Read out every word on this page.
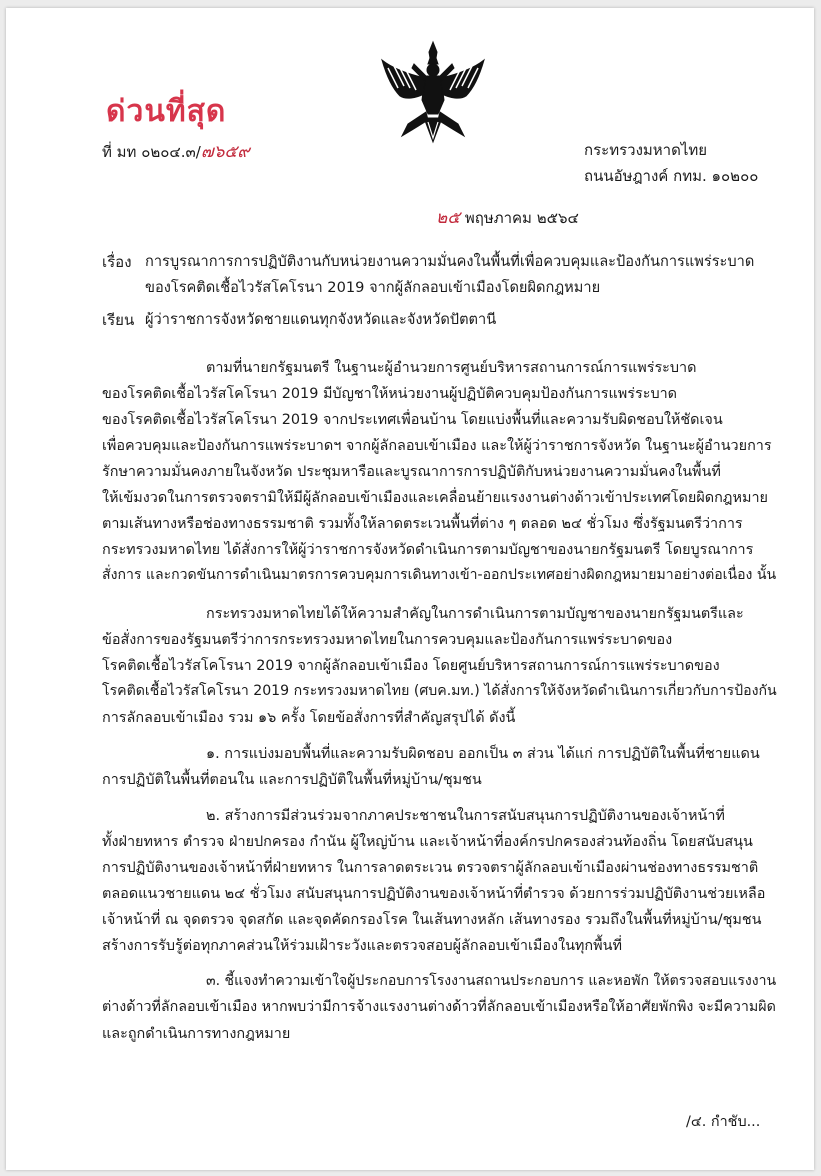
ด่วนที่สุด
ที่ มท ๐๒๐๔.๓/๗๖๕๙	กระทรวงมหาดไทย
ถนนอัษฎางค์ กทม. ๑๐๒๐๐
๒๕ พฤษภาคม ๒๕๖๔
เรื่อง การบูรณาการการปฏิบัติงานกับหน่วยงานความมั่นคงในพื้นที่เพื่อควบคุมและป้องกันการแพร่ระบาด
ของโรคติดเชื้อไวรัสโคโรนา 2019 จากผู้ลักลอบเข้าเมืองโดยผิดกฎหมาย
เรียน ผู้ว่าราชการจังหวัดชายแดนทุกจังหวัดและจังหวัดปัตตานี
ตามที่นายกรัฐมนตรี ในฐานะผู้อำนวยการศูนย์บริหารสถานการณ์การแพร่ระบาด
ของโรคติดเชื้อไวรัสโคโรนา 2019 มีบัญชาให้หน่วยงานผู้ปฏิบัติควบคุมป้องกันการแพร่ระบาด
ของโรคติดเชื้อไวรัสโคโรนา 2019 จากประเทศเพื่อนบ้าน โดยแบ่งพื้นที่และความรับผิดชอบให้ชัดเจน
เพื่อควบคุมและป้องกันการแพร่ระบาดฯ จากผู้ลักลอบเข้าเมือง และให้ผู้ว่าราชการจังหวัด ในฐานะผู้อำนวยการ
รักษาความมั่นคงภายในจังหวัด ประชุมหารือและบูรณาการการปฏิบัติกับหน่วยงานความมั่นคงในพื้นที่
ให้เข้มงวดในการตรวจตรามิให้มีผู้ลักลอบเข้าเมืองและเคลื่อนย้ายแรงงานต่างด้าวเข้าประเทศโดยผิดกฎหมาย
ตามเส้นทางหรือช่องทางธรรมชาติ รวมทั้งให้ลาดตระเวนพื้นที่ต่าง ๆ ตลอด ๒๔ ชั่วโมง ซึ่งรัฐมนตรีว่าการ
กระทรวงมหาดไทย ได้สั่งการให้ผู้ว่าราชการจังหวัดดำเนินการตามบัญชาของนายกรัฐมนตรี โดยบูรณาการ
สั่งการ และกวดขันการดำเนินมาตรการควบคุมการเดินทางเข้า-ออกประเทศอย่างผิดกฎหมายมาอย่างต่อเนื่อง นั้น
กระทรวงมหาดไทยได้ให้ความสำคัญในการดำเนินการตามบัญชาของนายกรัฐมนตรีและ
ข้อสั่งการของรัฐมนตรีว่าการกระทรวงมหาดไทยในการควบคุมและป้องกันการแพร่ระบาดของ
โรคติดเชื้อไวรัสโคโรนา 2019 จากผู้ลักลอบเข้าเมือง โดยศูนย์บริหารสถานการณ์การแพร่ระบาดของ
โรคติดเชื้อไวรัสโคโรนา 2019 กระทรวงมหาดไทย (ศบค.มท.) ได้สั่งการให้จังหวัดดำเนินการเกี่ยวกับการป้องกัน
การลักลอบเข้าเมือง รวม ๑๖ ครั้ง โดยข้อสั่งการที่สำคัญสรุปได้ ดังนี้
๑. การแบ่งมอบพื้นที่และความรับผิดชอบ ออกเป็น ๓ ส่วน ได้แก่ การปฏิบัติในพื้นที่ชายแดน
การปฏิบัติในพื้นที่ตอนใน และการปฏิบัติในพื้นที่หมู่บ้าน/ชุมชน
๒. สร้างการมีส่วนร่วมจากภาคประชาชนในการสนับสนุนการปฏิบัติงานของเจ้าหน้าที่
ทั้งฝ่ายทหาร ตำรวจ ฝ่ายปกครอง กำนัน ผู้ใหญ่บ้าน และเจ้าหน้าที่องค์กรปกครองส่วนท้องถิ่น โดยสนับสนุน
การปฏิบัติงานของเจ้าหน้าที่ฝ่ายทหาร ในการลาดตระเวน ตรวจตราผู้ลักลอบเข้าเมืองผ่านช่องทางธรรมชาติ
ตลอดแนวชายแดน ๒๔ ชั่วโมง สนับสนุนการปฏิบัติงานของเจ้าหน้าที่ตำรวจ ด้วยการร่วมปฏิบัติงานช่วยเหลือ
เจ้าหน้าที่ ณ จุดตรวจ จุดสกัด และจุดคัดกรองโรค ในเส้นทางหลัก เส้นทางรอง รวมถึงในพื้นที่หมู่บ้าน/ชุมชน
สร้างการรับรู้ต่อทุกภาคส่วนให้ร่วมเฝ้าระวังและตรวจสอบผู้ลักลอบเข้าเมืองในทุกพื้นที่
๓. ชี้แจงทำความเข้าใจผู้ประกอบการโรงงานสถานประกอบการ และหอพัก ให้ตรวจสอบแรงงาน
ต่างด้าวที่ลักลอบเข้าเมือง หากพบว่ามีการจ้างแรงงานต่างด้าวที่ลักลอบเข้าเมืองหรือให้อาศัยพักพิง จะมีความผิด
และถูกดำเนินการทางกฎหมาย
/๔. กำชับ...
